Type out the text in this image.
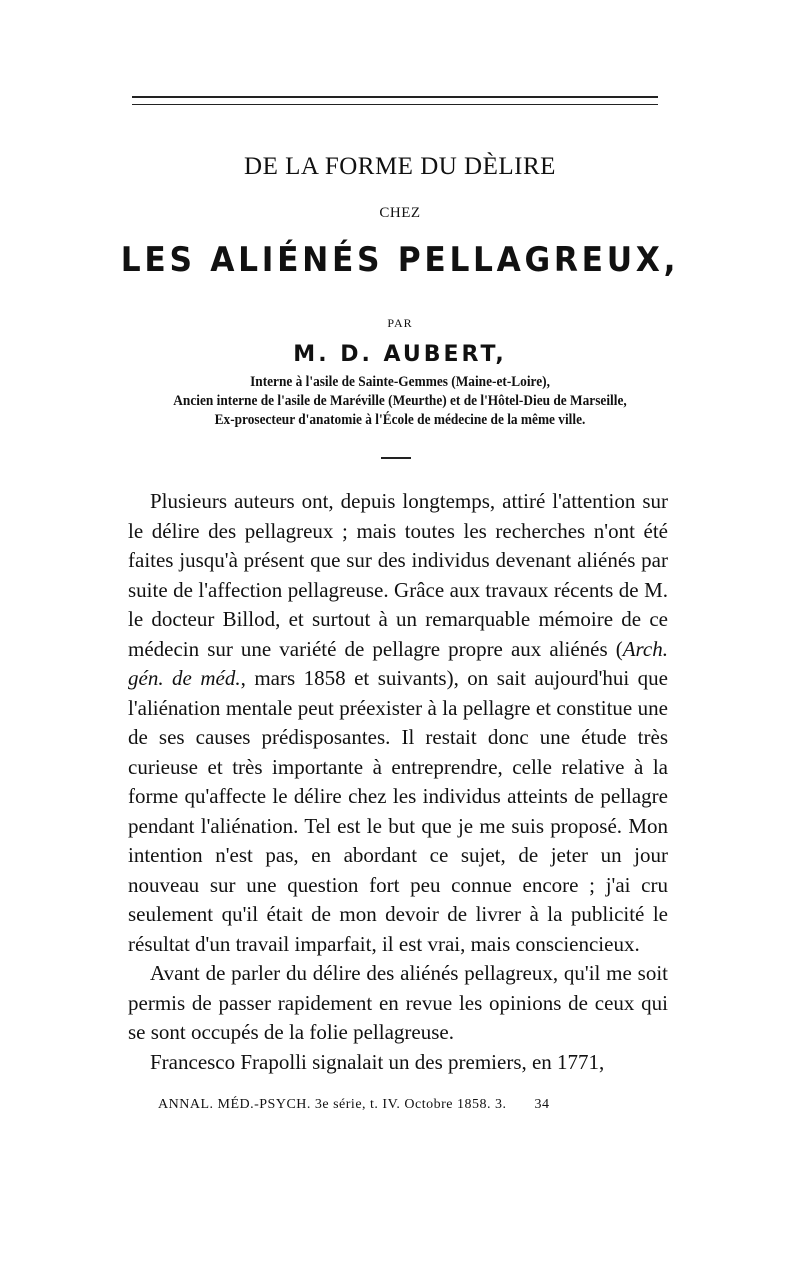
DE LA FORME DU DÈLIRE
CHEZ
LES ALIÉNÉS PELLAGREUX,
PAR
M. D. AUBERT,
Interne à l'asile de Sainte-Gemmes (Maine-et-Loire),
Ancien interne de l'asile de Maréville (Meurthe) et de l'Hôtel-Dieu de Marseille,
Ex-prosecteur d'anatomie à l'École de médecine de la même ville.

Plusieurs auteurs ont, depuis longtemps, attiré l'attention sur le délire des pellagreux ; mais toutes les recherches n'ont été faites jusqu'à présent que sur des individus devenant aliénés par suite de l'affection pellagreuse. Grâce aux travaux récents de M. le docteur Billod, et surtout à un remarquable mémoire de ce médecin sur une variété de pellagre propre aux aliénés (Arch. gén. de méd., mars 1858 et suivants), on sait aujourd'hui que l'aliénation mentale peut préexister à la pellagre et constitue une de ses causes prédisposantes. Il restait donc une étude très curieuse et très importante à entreprendre, celle relative à la forme qu'affecte le délire chez les individus atteints de pellagre pendant l'aliénation. Tel est le but que je me suis proposé. Mon intention n'est pas, en abordant ce sujet, de jeter un jour nouveau sur une question fort peu connue encore ; j'ai cru seulement qu'il était de mon devoir de livrer à la publicité le résultat d'un travail imparfait, il est vrai, mais consciencieux.

Avant de parler du délire des aliénés pellagreux, qu'il me soit permis de passer rapidement en revue les opinions de ceux qui se sont occupés de la folie pellagreuse.

Francesco Frapolli signalait un des premiers, en 1771,

ANNAL. MÉD.-PSYCH. 3e série, t. IV. Octobre 1858. 3. 34
